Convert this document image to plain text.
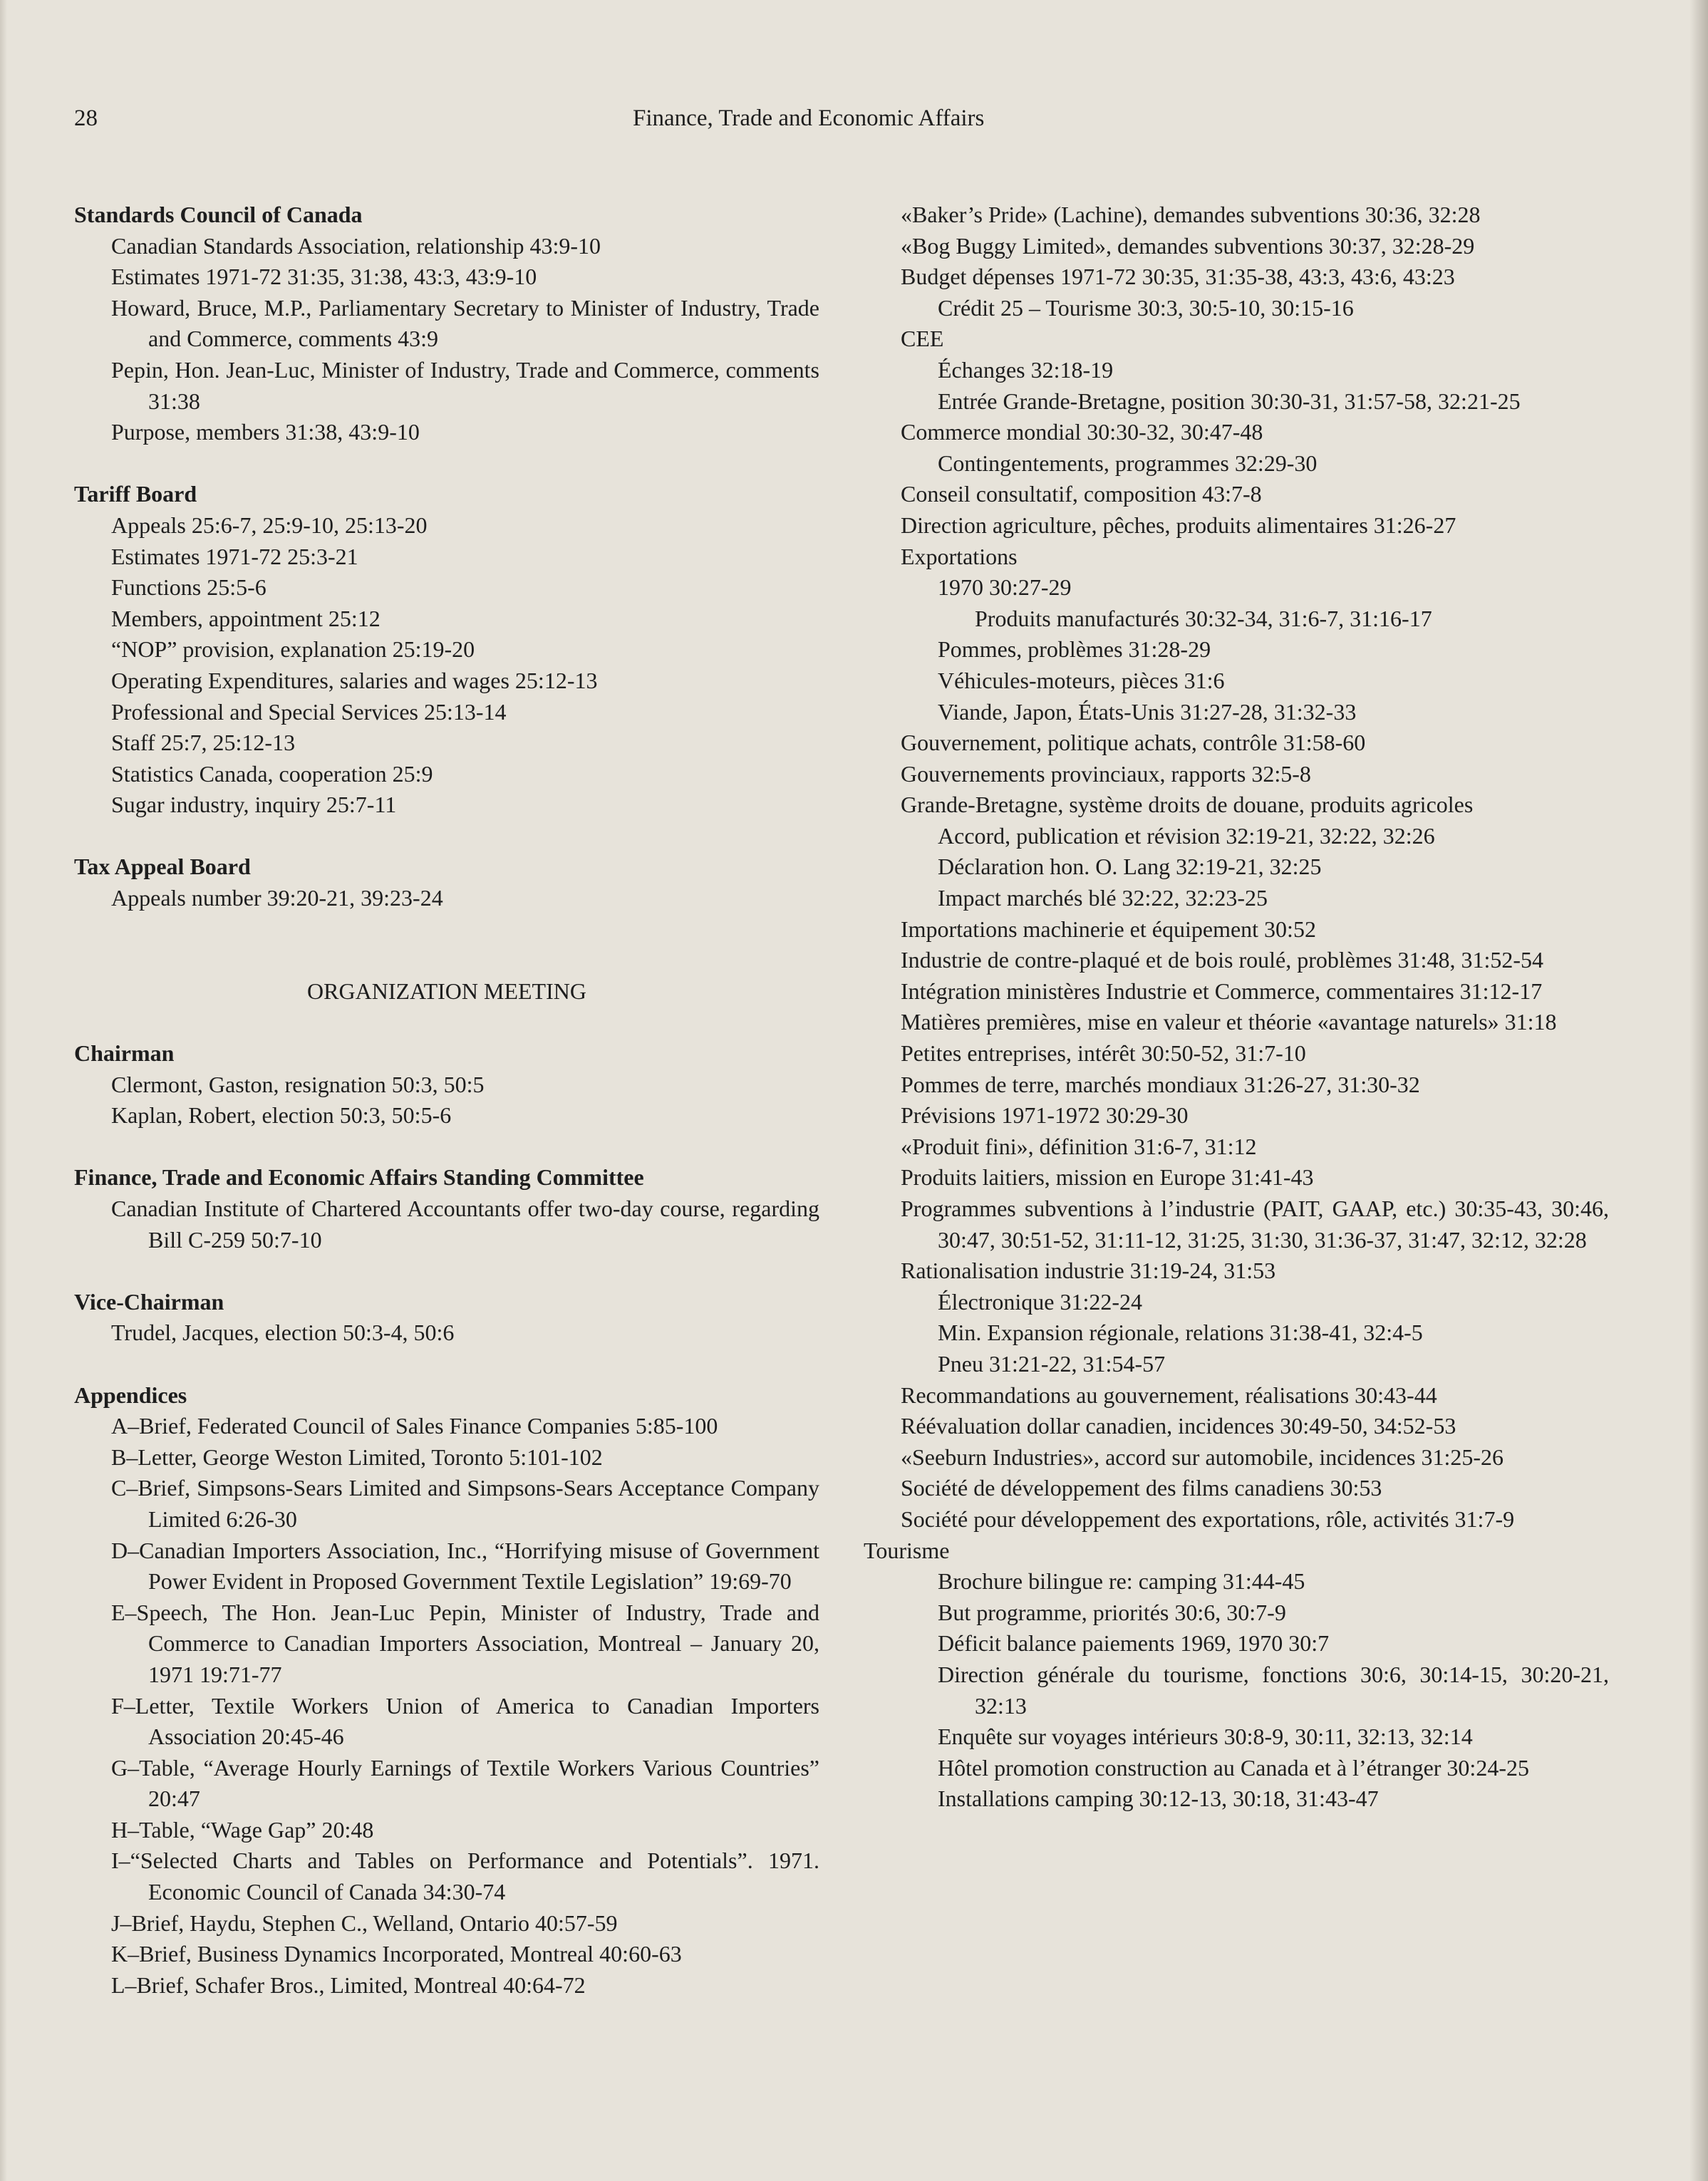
28	Finance, Trade and Economic Affairs
Standards Council of Canada
Canadian Standards Association, relationship 43:9-10
Estimates 1971-72 31:35, 31:38, 43:3, 43:9-10
Howard, Bruce, M.P., Parliamentary Secretary to Minister of Industry, Trade and Commerce, comments 43:9
Pepin, Hon. Jean-Luc, Minister of Industry, Trade and Commerce, comments 31:38
Purpose, members 31:38, 43:9-10
Tariff Board
Appeals 25:6-7, 25:9-10, 25:13-20
Estimates 1971-72 25:3-21
Functions 25:5-6
Members, appointment 25:12
“NOP” provision, explanation 25:19-20
Operating Expenditures, salaries and wages 25:12-13
Professional and Special Services 25:13-14
Staff 25:7, 25:12-13
Statistics Canada, cooperation 25:9
Sugar industry, inquiry 25:7-11
Tax Appeal Board
Appeals number 39:20-21, 39:23-24
ORGANIZATION MEETING
Chairman
Clermont, Gaston, resignation 50:3, 50:5
Kaplan, Robert, election 50:3, 50:5-6
Finance, Trade and Economic Affairs Standing Committee
Canadian Institute of Chartered Accountants offer two-day course, regarding Bill C-259 50:7-10
Vice-Chairman
Trudel, Jacques, election 50:3-4, 50:6
Appendices
A–Brief, Federated Council of Sales Finance Companies 5:85-100
B–Letter, George Weston Limited, Toronto 5:101-102
C–Brief, Simpsons-Sears Limited and Simpsons-Sears Acceptance Company Limited 6:26-30
D–Canadian Importers Association, Inc., “Horrifying misuse of Government Power Evident in Proposed Government Textile Legislation” 19:69-70
E–Speech, The Hon. Jean-Luc Pepin, Minister of Industry, Trade and Commerce to Canadian Importers Association, Montreal – January 20, 1971 19:71-77
F–Letter, Textile Workers Union of America to Canadian Importers Association 20:45-46
G–Table, “Average Hourly Earnings of Textile Workers Various Countries” 20:47
H–Table, “Wage Gap” 20:48
I–“Selected Charts and Tables on Performance and Potentials”. 1971. Economic Council of Canada 34:30-74
J–Brief, Haydu, Stephen C., Welland, Ontario 40:57-59
K–Brief, Business Dynamics Incorporated, Montreal 40:60-63
L–Brief, Schafer Bros., Limited, Montreal 40:64-72
«Baker’s Pride» (Lachine), demandes subventions 30:36, 32:28
«Bog Buggy Limited», demandes subventions 30:37, 32:28-29
Budget dépenses 1971-72 30:35, 31:35-38, 43:3, 43:6, 43:23
Crédit 25 – Tourisme 30:3, 30:5-10, 30:15-16
CEE
Échanges 32:18-19
Entrée Grande-Bretagne, position 30:30-31, 31:57-58, 32:21-25
Commerce mondial 30:30-32, 30:47-48
Contingentements, programmes 32:29-30
Conseil consultatif, composition 43:7-8
Direction agriculture, pêches, produits alimentaires 31:26-27
Exportations
1970 30:27-29
Produits manufacturés 30:32-34, 31:6-7, 31:16-17
Pommes, problèmes 31:28-29
Véhicules-moteurs, pièces 31:6
Viande, Japon, États-Unis 31:27-28, 31:32-33
Gouvernement, politique achats, contrôle 31:58-60
Gouvernements provinciaux, rapports 32:5-8
Grande-Bretagne, système droits de douane, produits agricoles
Accord, publication et révision 32:19-21, 32:22, 32:26
Déclaration hon. O. Lang 32:19-21, 32:25
Impact marchés blé 32:22, 32:23-25
Importations machinerie et équipement 30:52
Industrie de contre-plaqué et de bois roulé, problèmes 31:48, 31:52-54
Intégration ministères Industrie et Commerce, commentaires 31:12-17
Matières premières, mise en valeur et théorie «avantage naturels» 31:18
Petites entreprises, intérêt 30:50-52, 31:7-10
Pommes de terre, marchés mondiaux 31:26-27, 31:30-32
Prévisions 1971-1972 30:29-30
«Produit fini», définition 31:6-7, 31:12
Produits laitiers, mission en Europe 31:41-43
Programmes subventions à l’industrie (PAIT, GAAP, etc.) 30:35-43, 30:46, 30:47, 30:51-52, 31:11-12, 31:25, 31:30, 31:36-37, 31:47, 32:12, 32:28
Rationalisation industrie 31:19-24, 31:53
Électronique 31:22-24
Min. Expansion régionale, relations 31:38-41, 32:4-5
Pneu 31:21-22, 31:54-57
Recommandations au gouvernement, réalisations 30:43-44
Réévaluation dollar canadien, incidences 30:49-50, 34:52-53
«Seeburn Industries», accord sur automobile, incidences 31:25-26
Société de développement des films canadiens 30:53
Société pour développement des exportations, rôle, activités 31:7-9
Tourisme
Brochure bilingue re: camping 31:44-45
But programme, priorités 30:6, 30:7-9
Déficit balance paiements 1969, 1970 30:7
Direction générale du tourisme, fonctions 30:6, 30:14-15, 30:20-21, 32:13
Enquête sur voyages intérieurs 30:8-9, 30:11, 32:13, 32:14
Hôtel promotion construction au Canada et à l’étranger 30:24-25
Installations camping 30:12-13, 30:18, 31:43-47
